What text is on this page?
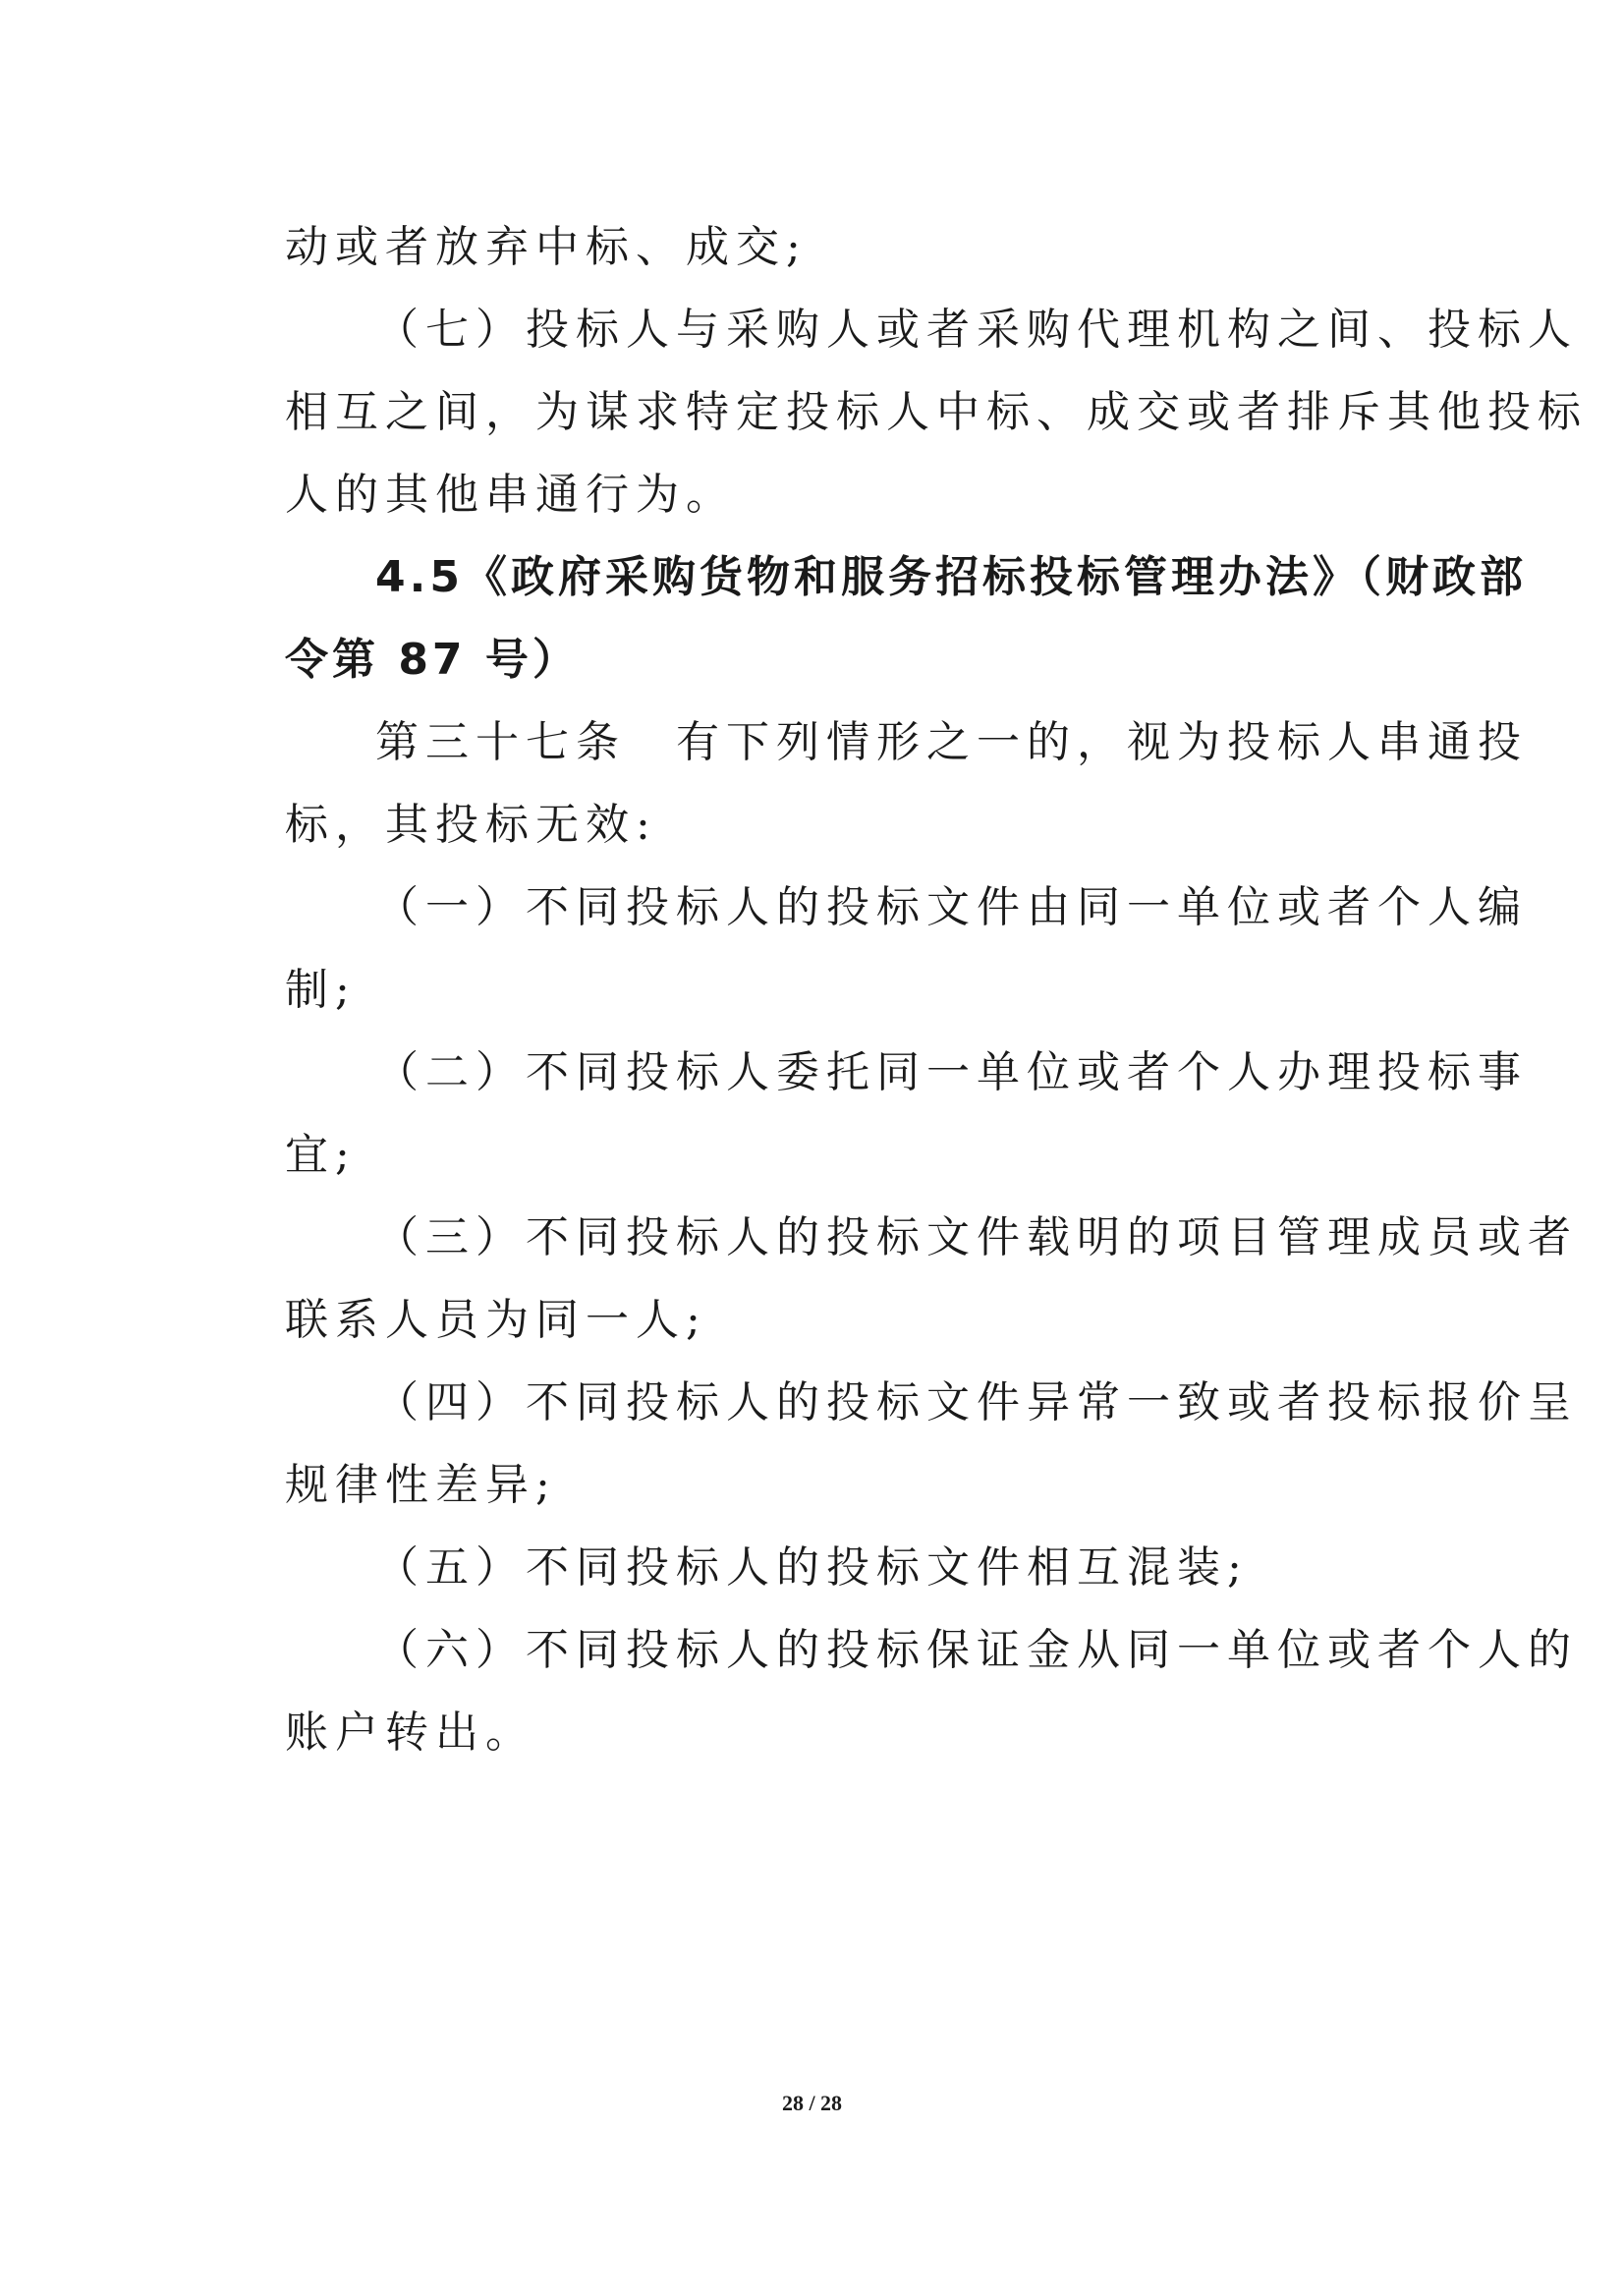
动或者放弃中标、成交;
（七）投标人与采购人或者采购代理机构之间、投标人
相互之间，为谋求特定投标人中标、成交或者排斥其他投标
人的其他串通行为。
4.5《政府采购货物和服务招标投标管理办法》（财政部
令第 87 号）
第三十七条　有下列情形之一的，视为投标人串通投
标，其投标无效:
（一）不同投标人的投标文件由同一单位或者个人编
制;
（二）不同投标人委托同一单位或者个人办理投标事
宜;
（三）不同投标人的投标文件载明的项目管理成员或者
联系人员为同一人;
（四）不同投标人的投标文件异常一致或者投标报价呈
规律性差异;
（五）不同投标人的投标文件相互混装;
（六）不同投标人的投标保证金从同一单位或者个人的
账户转出。
28 / 28
